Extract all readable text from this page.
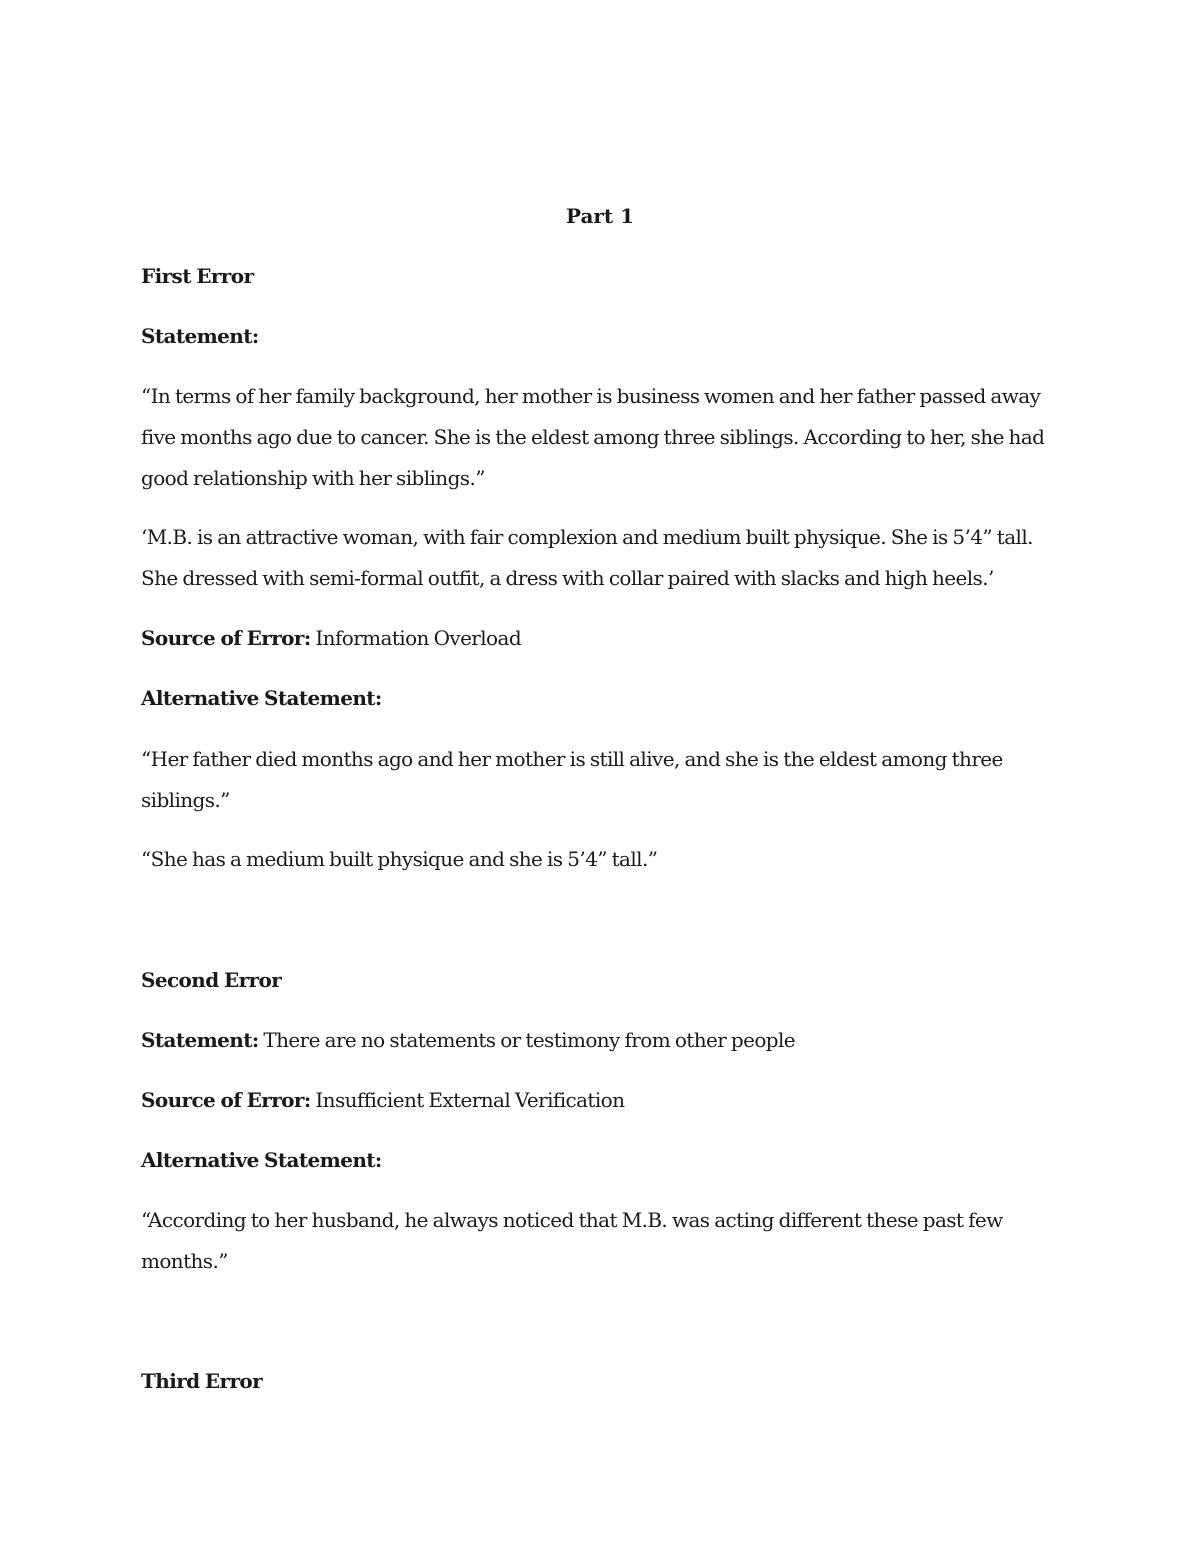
Part 1
First Error
Statement:
“In terms of her family background, her mother is business women and her father passed away
five months ago due to cancer. She is the eldest among three siblings. According to her, she had
good relationship with her siblings.”
‘M.B. is an attractive woman, with fair complexion and medium built physique. She is 5’4” tall.
She dressed with semi-formal outfit, a dress with collar paired with slacks and high heels.’
Source of Error: Information Overload
Alternative Statement:
“Her father died months ago and her mother is still alive, and she is the eldest among three
siblings.”
“She has a medium built physique and she is 5’4” tall.”
Second Error
Statement: There are no statements or testimony from other people
Source of Error: Insufficient External Verification
Alternative Statement:
“According to her husband, he always noticed that M.B. was acting different these past few
months.”
Third Error
